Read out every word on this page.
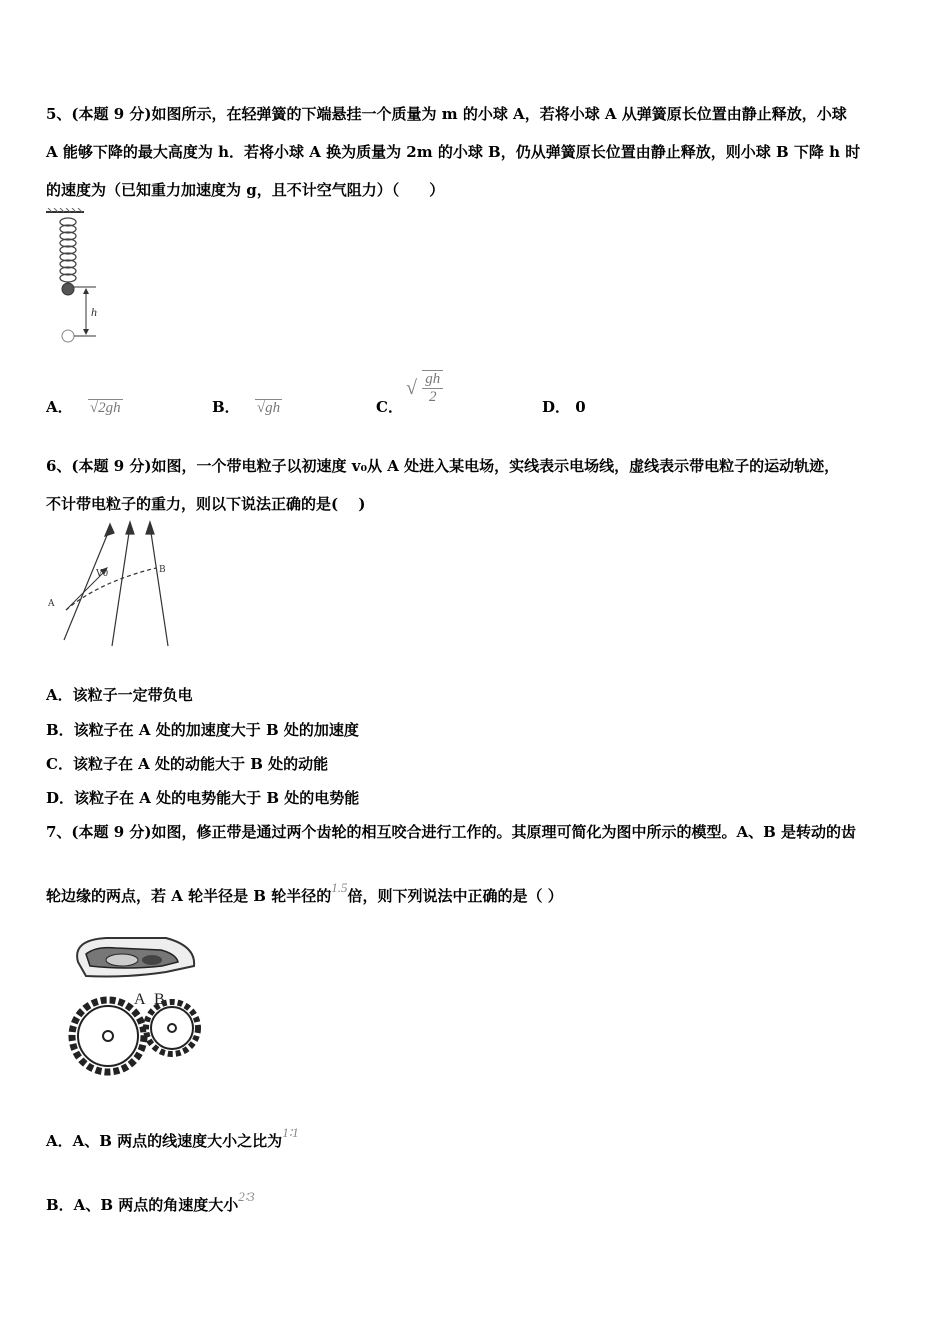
5、(本题 9 分)如图所示，在轻弹簧的下端悬挂一个质量为 m 的小球 A，若将小球 A 从弹簧原长位置由静止释放，小球
A 能够下降的最大高度为 h．若将小球 A 换为质量为 2m 的小球 B，仍从弹簧原长位置由静止释放，则小球 B 下降 h 时
的速度为（已知重力加速度为 g，且不计空气阻力）（　　）
h
A． √2gh	B． √gh	C．
√ $\frac{gh}{2}$
D． 0
6、(本题 9 分)如图，一个带电粒子以初速度 v₀从 A 处进入某电场，实线表示电场线，虚线表示带电粒子的运动轨迹，
不计带电粒子的重力，则以下说法正确的是(　 )
A
B
V0
A．该粒子一定带负电
B．该粒子在 A 处的加速度大于 B 处的加速度
C．该粒子在 A 处的动能大于 B 处的动能
D．该粒子在 A 处的电势能大于 B 处的电势能
7、(本题 9 分)如图，修正带是通过两个齿轮的相互咬合进行工作的。其原理可简化为图中所示的模型。A、B 是转动的齿
轮边缘的两点，若 A 轮半径是 B 轮半径的1.5倍，则下列说法中正确的是（ ）
A B
A．A、B 两点的线速度大小之比为1∶1
B．A、B 两点的角速度大小2∶3
